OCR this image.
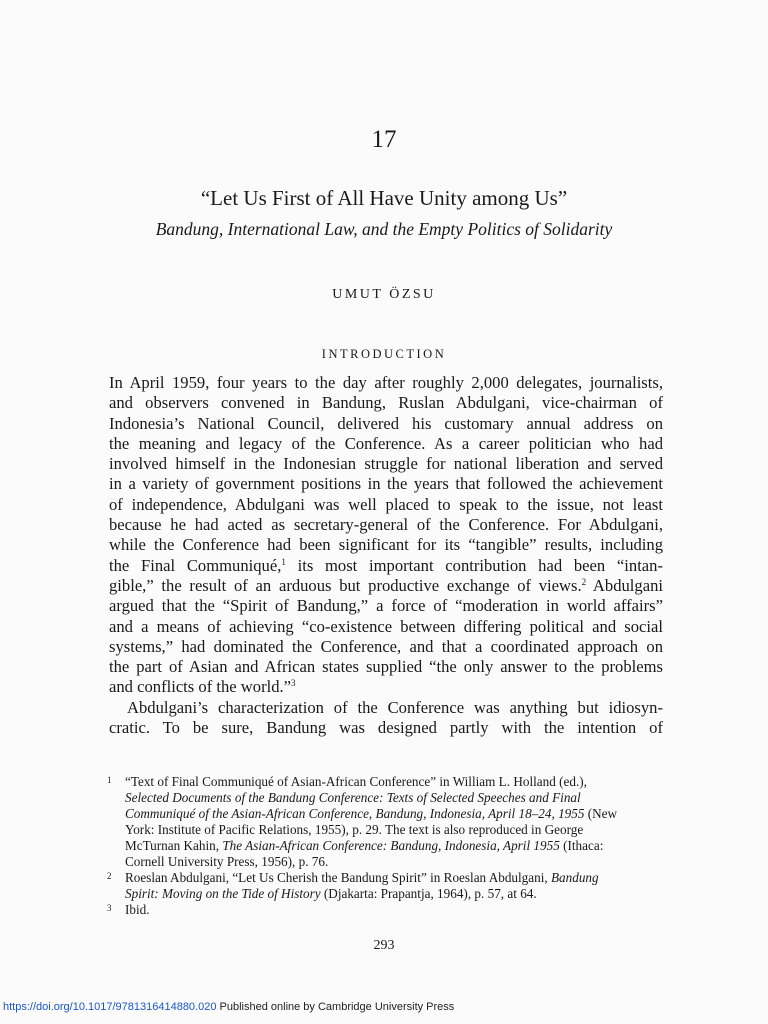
17
“Let Us First of All Have Unity among Us”
Bandung, International Law, and the Empty Politics of Solidarity
UMUT ÖZSU
INTRODUCTION
In April 1959, four years to the day after roughly 2,000 delegates, journalists,
and observers convened in Bandung, Ruslan Abdulgani, vice-chairman of
Indonesia’s National Council, delivered his customary annual address on
the meaning and legacy of the Conference. As a career politician who had
involved himself in the Indonesian struggle for national liberation and served
in a variety of government positions in the years that followed the achievement
of independence, Abdulgani was well placed to speak to the issue, not least
because he had acted as secretary-general of the Conference. For Abdulgani,
while the Conference had been significant for its “tangible” results, including
the Final Communiqué,$^1$ its most important contribution had been “intan-
gible,” the result of an arduous but productive exchange of views.$^2$ Abdulgani
argued that the “Spirit of Bandung,” a force of “moderation in world affairs”
and a means of achieving “co-existence between differing political and social
systems,” had dominated the Conference, and that a coordinated approach on
the part of Asian and African states supplied “the only answer to the problems
and conflicts of the world.”$^3$
Abdulgani’s characterization of the Conference was anything but idiosyn-
cratic. To be sure, Bandung was designed partly with the intention of
1 “Text of Final Communiqué of Asian-African Conference” in William L. Holland (ed.),
Selected Documents of the Bandung Conference: Texts of Selected Speeches and Final
Communiqué of the Asian-African Conference, Bandung, Indonesia, April 18–24, 1955 (New
York: Institute of Pacific Relations, 1955), p. 29. The text is also reproduced in George
McTurnan Kahin, The Asian-African Conference: Bandung, Indonesia, April 1955 (Ithaca:
Cornell University Press, 1956), p. 76.
2 Roeslan Abdulgani, “Let Us Cherish the Bandung Spirit” in Roeslan Abdulgani, Bandung
Spirit: Moving on the Tide of History (Djakarta: Prapantja, 1964), p. 57, at 64.
3 Ibid.
293
https://doi.org/10.1017/9781316414880.020 Published online by Cambridge University Press
